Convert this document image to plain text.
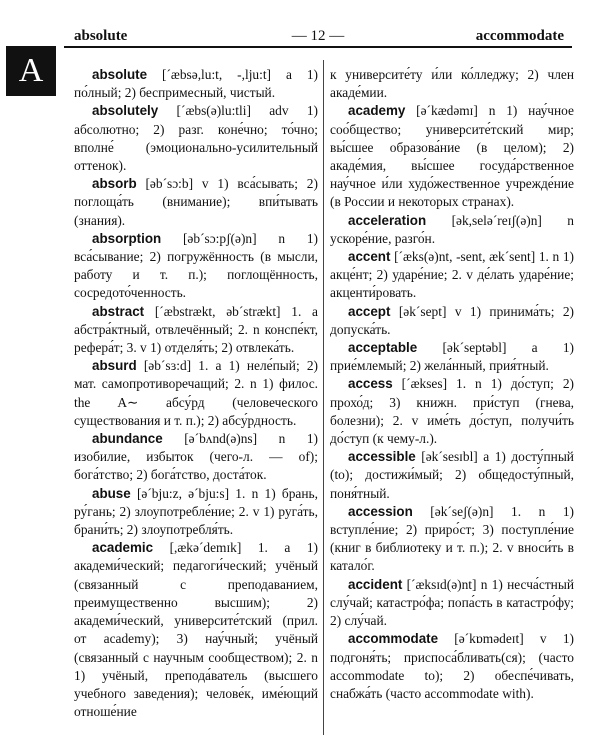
A
absolute	— 12 —	accommodate

absolute [´æbsə,lu:t, -,lju:t] a 1) по́лный; 2) беспримесный, чистый.

absolutely [´æbs(ə)lu:tli] adv 1) абсолютно; 2) разг. коне́чно; то́чно; вполне́ (эмоционально-усилительный оттенок).

absorb [əb´sɔ:b] v 1) вса́сывать; 2) поглоща́ть (внимание); впи́тывать (знания).

absorption [əb´sɔ:pʃ(ə)n] n 1) вса́сывание; 2) погружённость (в мысли, работу и т. п.); поглощённость, сосредото́ченность.

abstract [´æbstrækt, əb´strækt] 1. a абстра́ктный, отвлечённый; 2. n конспе́кт, рефера́т; 3. v 1) отделя́ть; 2) отвлека́ть.

absurd [əb´sɜ:d] 1. a 1) неле́пый; 2) мат. самопротиворечащий; 2. n 1) филос. the A∼ абсу́рд (человеческого существования и т. п.); 2) абсу́рдность.

abundance [ə´bʌnd(ə)ns] n 1) изобилие, избыток (чего-л. — of); бога́тство; 2) бога́тство, доста́ток.

abuse [ə´bju:z, ə´bju:s] 1. n 1) брань, ру́гань; 2) злоупотребле́ние; 2. v 1) руга́ть, брани́ть; 2) злоупотребля́ть.

academic [,ækə´demɪk] 1. a 1) академи́ческий; педагоги́ческий; учёный (связанный с преподаванием, преимущественно высшим); 2) академи́ческий, университе́тский (прил. от academy); 3) нау́чный; учёный (связанный с научным сообществом); 2. n 1) учёный, препода́ватель (высшего учебного заведения); челове́к, име́ющий отноше́ние

к университе́ту и́ли ко́лледжу; 2) член акаде́мии.

academy [ə´kædəmɪ] n 1) нау́чное соо́бщество; университе́тский мир; вы́сшее образова́ние (в целом); 2) акаде́мия, вы́сшее госуда́рственное нау́чное и́ли худо́жественное учрежде́ние (в России и некоторых странах).

acceleration [ək,selə´reɪʃ(ə)n] n ускоре́ние, разго́н.

accent [´æks(ə)nt, -sent, æk´sent] 1. n 1) акце́нт; 2) ударе́ние; 2. v де́лать ударе́ние; акценти́ровать.

accept [ək´sept] v 1) принима́ть; 2) допуска́ть.

acceptable [ək´septəbl] a 1) прие́млемый; 2) жела́нный, прия́тный.

access [´ækses] 1. n 1) до́ступ; 2) прохо́д; 3) книжн. при́ступ (гнева, болезни); 2. v име́ть до́ступ, получи́ть до́ступ (к чему-л.).

accessible [ək´sesɪbl] a 1) досту́пный (to); достижи́мый; 2) общедосту́пный, поня́тный.

accession [ək´seʃ(ə)n] 1. n 1) вступле́ние; 2) приро́ст; 3) поступле́ние (книг в библиотеку и т. п.); 2. v вноси́ть в катало́г.

accident [´æksɪd(ə)nt] n 1) несча́стный слу́чай; катастро́фа; попа́сть в катастро́фу; 2) слу́чай.

accommodate [ə´kɒmədeɪt] v 1) подгоня́ть; приспоса́бливать(ся); (часто accommodate to); 2) обеспе́чивать, снабжа́ть (часто accommodate with).
